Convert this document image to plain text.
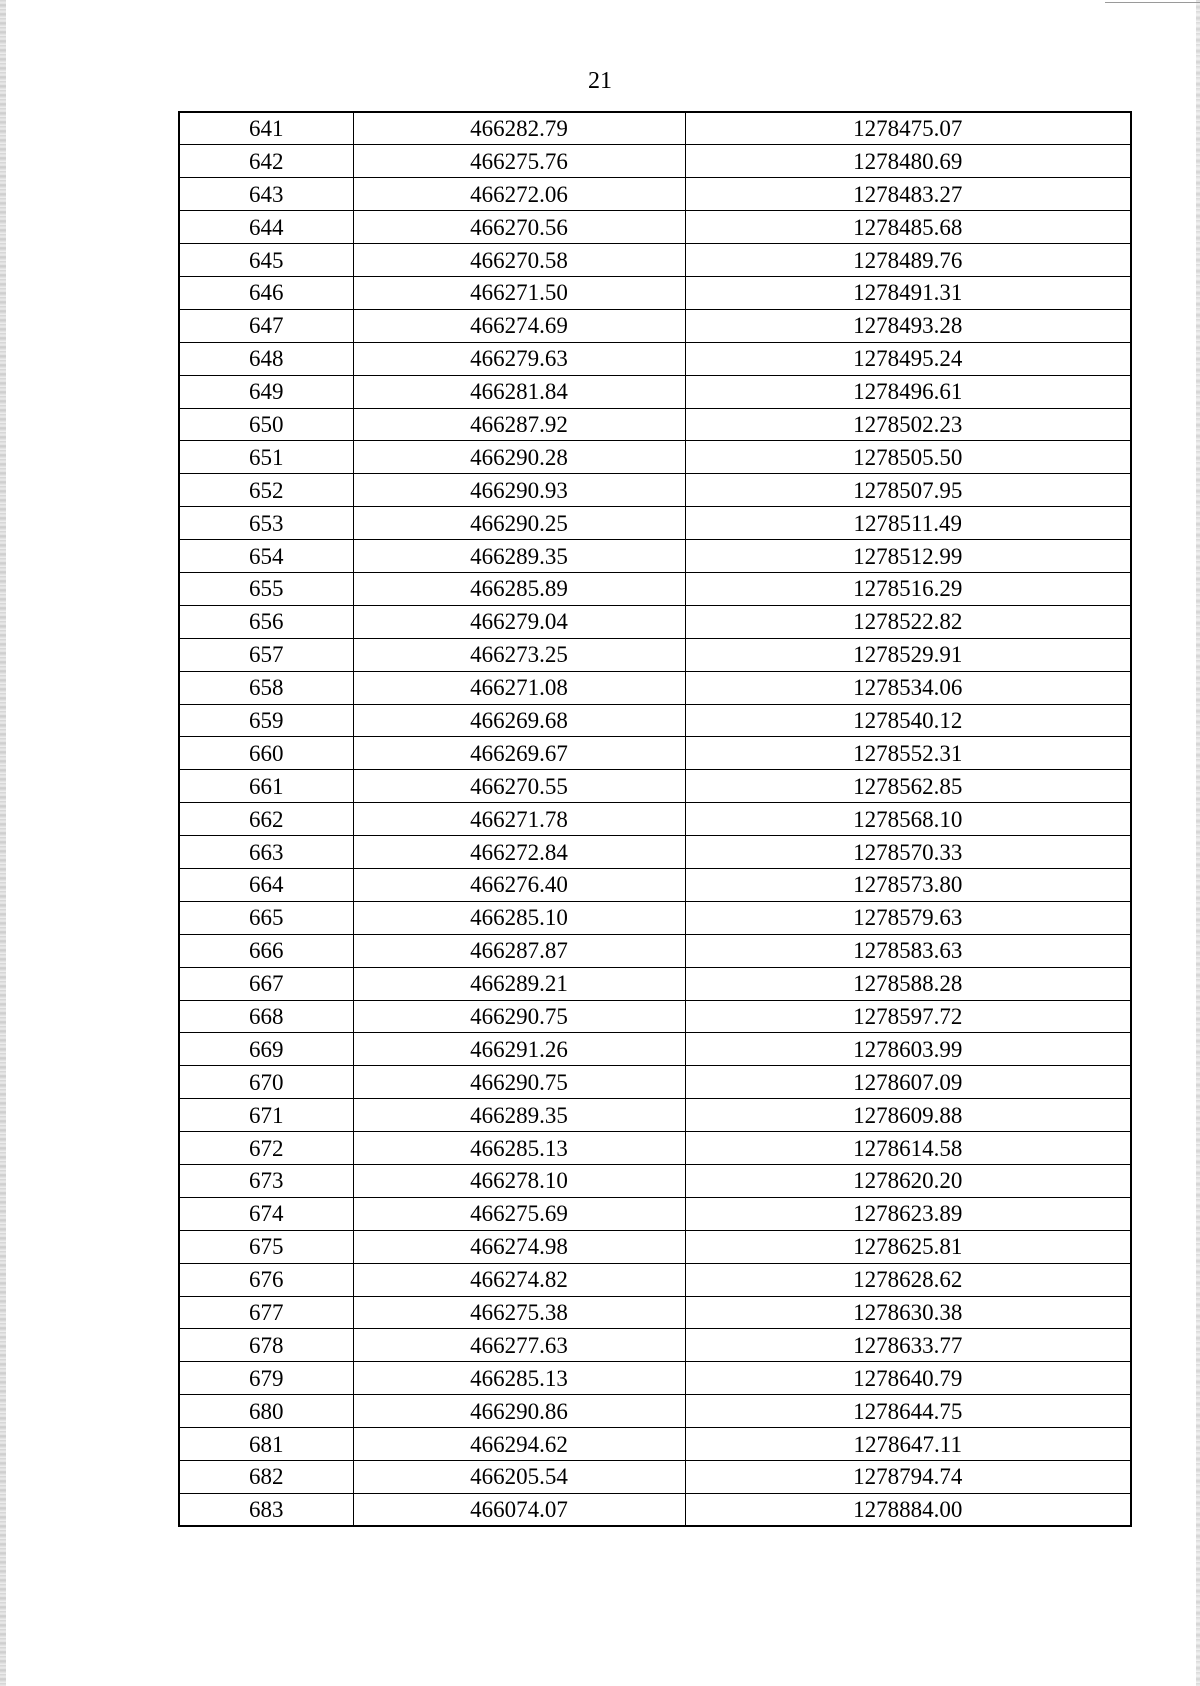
21
641	466282.79	1278475.07
642	466275.76	1278480.69
643	466272.06	1278483.27
644	466270.56	1278485.68
645	466270.58	1278489.76
646	466271.50	1278491.31
647	466274.69	1278493.28
648	466279.63	1278495.24
649	466281.84	1278496.61
650	466287.92	1278502.23
651	466290.28	1278505.50
652	466290.93	1278507.95
653	466290.25	1278511.49
654	466289.35	1278512.99
655	466285.89	1278516.29
656	466279.04	1278522.82
657	466273.25	1278529.91
658	466271.08	1278534.06
659	466269.68	1278540.12
660	466269.67	1278552.31
661	466270.55	1278562.85
662	466271.78	1278568.10
663	466272.84	1278570.33
664	466276.40	1278573.80
665	466285.10	1278579.63
666	466287.87	1278583.63
667	466289.21	1278588.28
668	466290.75	1278597.72
669	466291.26	1278603.99
670	466290.75	1278607.09
671	466289.35	1278609.88
672	466285.13	1278614.58
673	466278.10	1278620.20
674	466275.69	1278623.89
675	466274.98	1278625.81
676	466274.82	1278628.62
677	466275.38	1278630.38
678	466277.63	1278633.77
679	466285.13	1278640.79
680	466290.86	1278644.75
681	466294.62	1278647.11
682	466205.54	1278794.74
683	466074.07	1278884.00
